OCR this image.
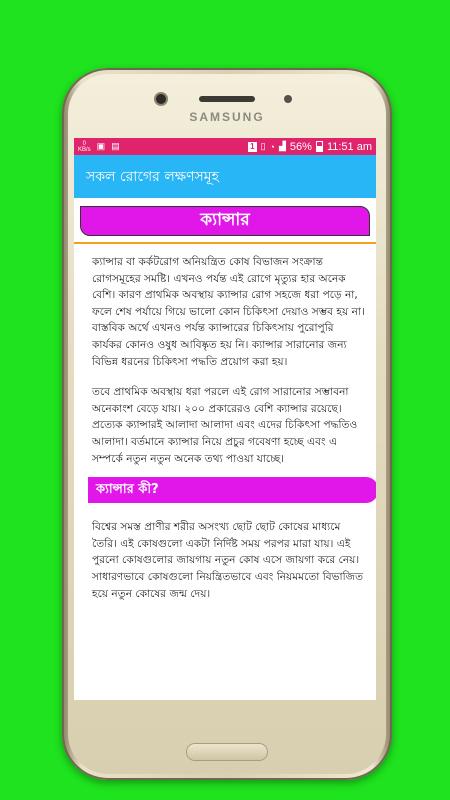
SAMSUNG
0
KB/s ▣ ▤	1 ▯ ◔ ▟ 56% 11:51 am
সকল রোগের লক্ষণসমূহ
ক্যান্সার

ক্যান্সার বা কর্কটরোগ অনিয়ন্ত্রিত কোষ বিভাজন সংক্রান্ত রোগসমূহের সমষ্টি। এখনও পর্যন্ত এই রোগে মৃত্যুর হার অনেক বেশি। কারণ প্রাথমিক অবস্থায় ক্যান্সার রোগ সহজে ধরা পড়ে না, ফলে শেষ পর্যায়ে গিয়ে ভালো কোন চিকিৎসা দেয়াও সম্ভব হয় না। বাস্তবিক অর্থে এখনও পর্যন্ত ক্যান্সারের চিকিৎসায় পুরোপুরি কার্যকর কোনও ওষুধ আবিষ্কৃত হয় নি। ক্যান্সার সারানোর জন্য বিভিন্ন ধরনের চিকিৎসা পদ্ধতি প্রয়োগ করা হয়।

তবে প্রাথমিক অবস্থায় ধরা পরলে এই রোগ সারানোর সম্ভাবনা অনেকাংশ বেড়ে যায়। ২০০ প্রকারেরও বেশি ক্যান্সার রয়েছে। প্রত্যেক ক্যান্সারই আলাদা আলাদা এবং এদের চিকিৎসা পদ্ধতিও আলাদা। বর্তমানে ক্যান্সার নিয়ে প্রচুর গবেষণা হচ্ছে এবং এ সম্পর্কে নতুন নতুন অনেক তথ্য পাওয়া যাচ্ছে।

ক্যান্সার কী?

বিশ্বের সমস্ত প্রাণীর শরীর অসংখ্য ছোট ছোট কোষের মাধ্যমে তৈরি। এই কোষগুলো একটা নির্দিষ্ট সময় পরপর মারা যায়। এই পুরনো কোষগুলোর জায়গায় নতুন কোষ এসে জায়গা করে নেয়। সাধারণভাবে কোষগুলো নিয়ন্ত্রিতভাবে এবং নিয়মমতো বিভাজিত হয়ে নতুন কোষের জন্ম দেয়।
